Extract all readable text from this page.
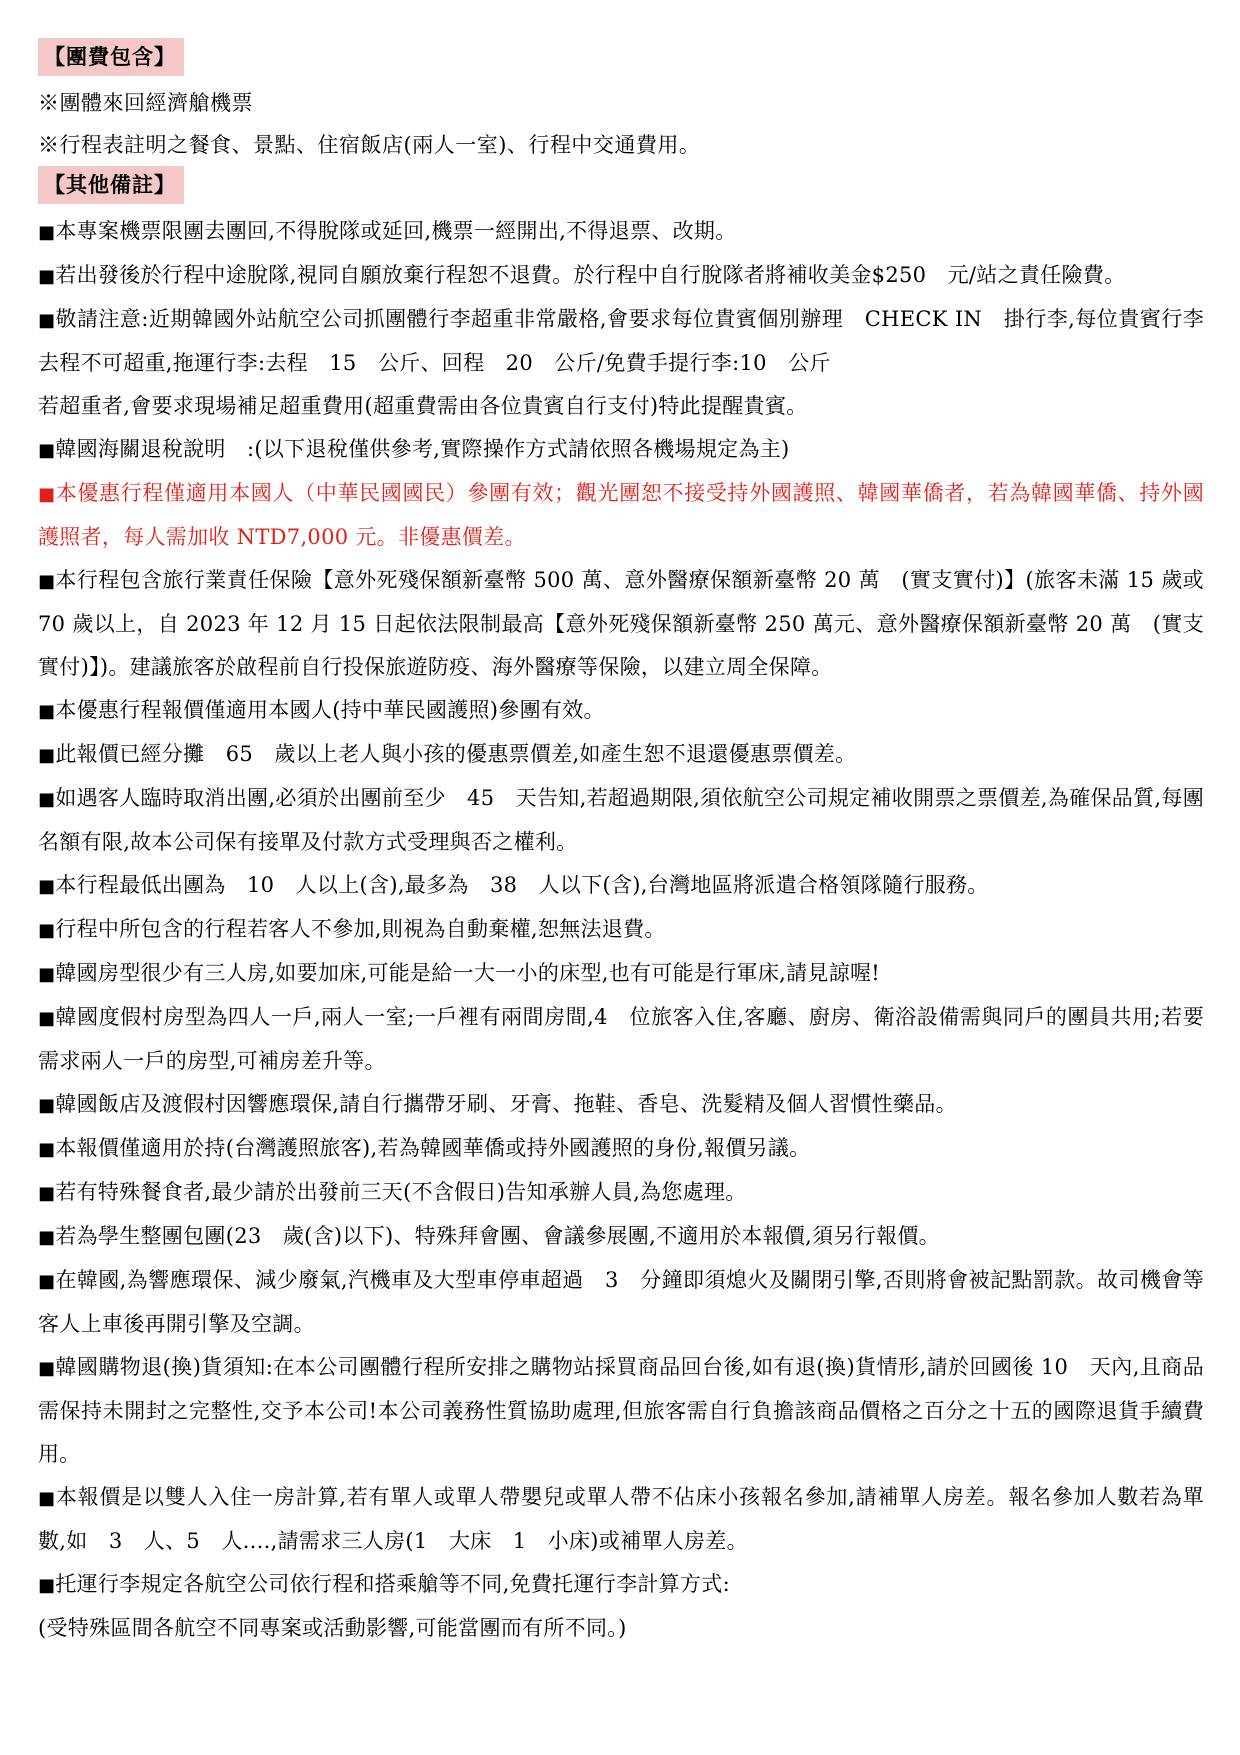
【團費包含】
※團體來回經濟艙機票
※行程表註明之餐食、景點、住宿飯店(兩人一室)、行程中交通費用。
【其他備註】
■本專案機票限團去團回,不得脫隊或延回,機票一經開出,不得退票、改期。
■若出發後於行程中途脫隊,視同自願放棄行程恕不退費。於行程中自行脫隊者將補收美金$250　元/站之責任險費。
■敬請注意:近期韓國外站航空公司抓團體行李超重非常嚴格,會要求每位貴賓個別辦理　CHECK IN　掛行李,每位貴賓行李去程不可超重,拖運行李:去程　15　公斤、回程　20　公斤/免費手提行李:10　公斤
若超重者,會要求現場補足超重費用(超重費需由各位貴賓自行支付)特此提醒貴賓。
■韓國海關退稅說明　:(以下退稅僅供參考,實際操作方式請依照各機場規定為主)
■本優惠行程僅適用本國人（中華民國國民）參團有效；觀光團恕不接受持外國護照、韓國華僑者，若為韓國華僑、持外國護照者，每人需加收 NTD7,000 元。非優惠價差。
■本行程包含旅行業責任保險【意外死殘保額新臺幣 500 萬、意外醫療保額新臺幣 20 萬　(實支實付)】(旅客未滿 15 歲或 70 歲以上，自 2023 年 12 月 15 日起依法限制最高【意外死殘保額新臺幣 250 萬元、意外醫療保額新臺幣 20 萬　(實支實付)】)。建議旅客於啟程前自行投保旅遊防疫、海外醫療等保險，以建立周全保障。
■本優惠行程報價僅適用本國人(持中華民國護照)參團有效。
■此報價已經分攤　65　歲以上老人與小孩的優惠票價差,如產生恕不退還優惠票價差。
■如遇客人臨時取消出團,必須於出團前至少　45　天告知,若超過期限,須依航空公司規定補收開票之票價差,為確保品質,每團名額有限,故本公司保有接單及付款方式受理與否之權利。
■本行程最低出團為　10　人以上(含),最多為　38　人以下(含),台灣地區將派遣合格領隊隨行服務。
■行程中所包含的行程若客人不參加,則視為自動棄權,恕無法退費。
■韓國房型很少有三人房,如要加床,可能是給一大一小的床型,也有可能是行軍床,請見諒喔!
■韓國度假村房型為四人一戶,兩人一室;一戶裡有兩間房間,4　位旅客入住,客廳、廚房、衛浴設備需與同戶的團員共用;若要需求兩人一戶的房型,可補房差升等。
■韓國飯店及渡假村因響應環保,請自行攜帶牙刷、牙膏、拖鞋、香皂、洗髮精及個人習慣性藥品。
■本報價僅適用於持(台灣護照旅客),若為韓國華僑或持外國護照的身份,報價另議。
■若有特殊餐食者,最少請於出發前三天(不含假日)告知承辦人員,為您處理。
■若為學生整團包團(23　歲(含)以下)、特殊拜會團、會議參展團,不適用於本報價,須另行報價。
■在韓國,為響應環保、減少廢氣,汽機車及大型車停車超過　3　分鐘即須熄火及關閉引擎,否則將會被記點罰款。故司機會等客人上車後再開引擎及空調。
■韓國購物退(換)貨須知:在本公司團體行程所安排之購物站採買商品回台後,如有退(換)貨情形,請於回國後 10　天內,且商品需保持未開封之完整性,交予本公司!本公司義務性質協助處理,但旅客需自行負擔該商品價格之百分之十五的國際退貨手續費用。
■本報價是以雙人入住一房計算,若有單人或單人帶嬰兒或單人帶不佔床小孩報名參加,請補單人房差。報名參加人數若為單數,如　3　人、5　人....,請需求三人房(1　大床　1　小床)或補單人房差。
■托運行李規定各航空公司依行程和搭乘艙等不同,免費托運行李計算方式:
(受特殊區間各航空不同專案或活動影響,可能當團而有所不同。)
